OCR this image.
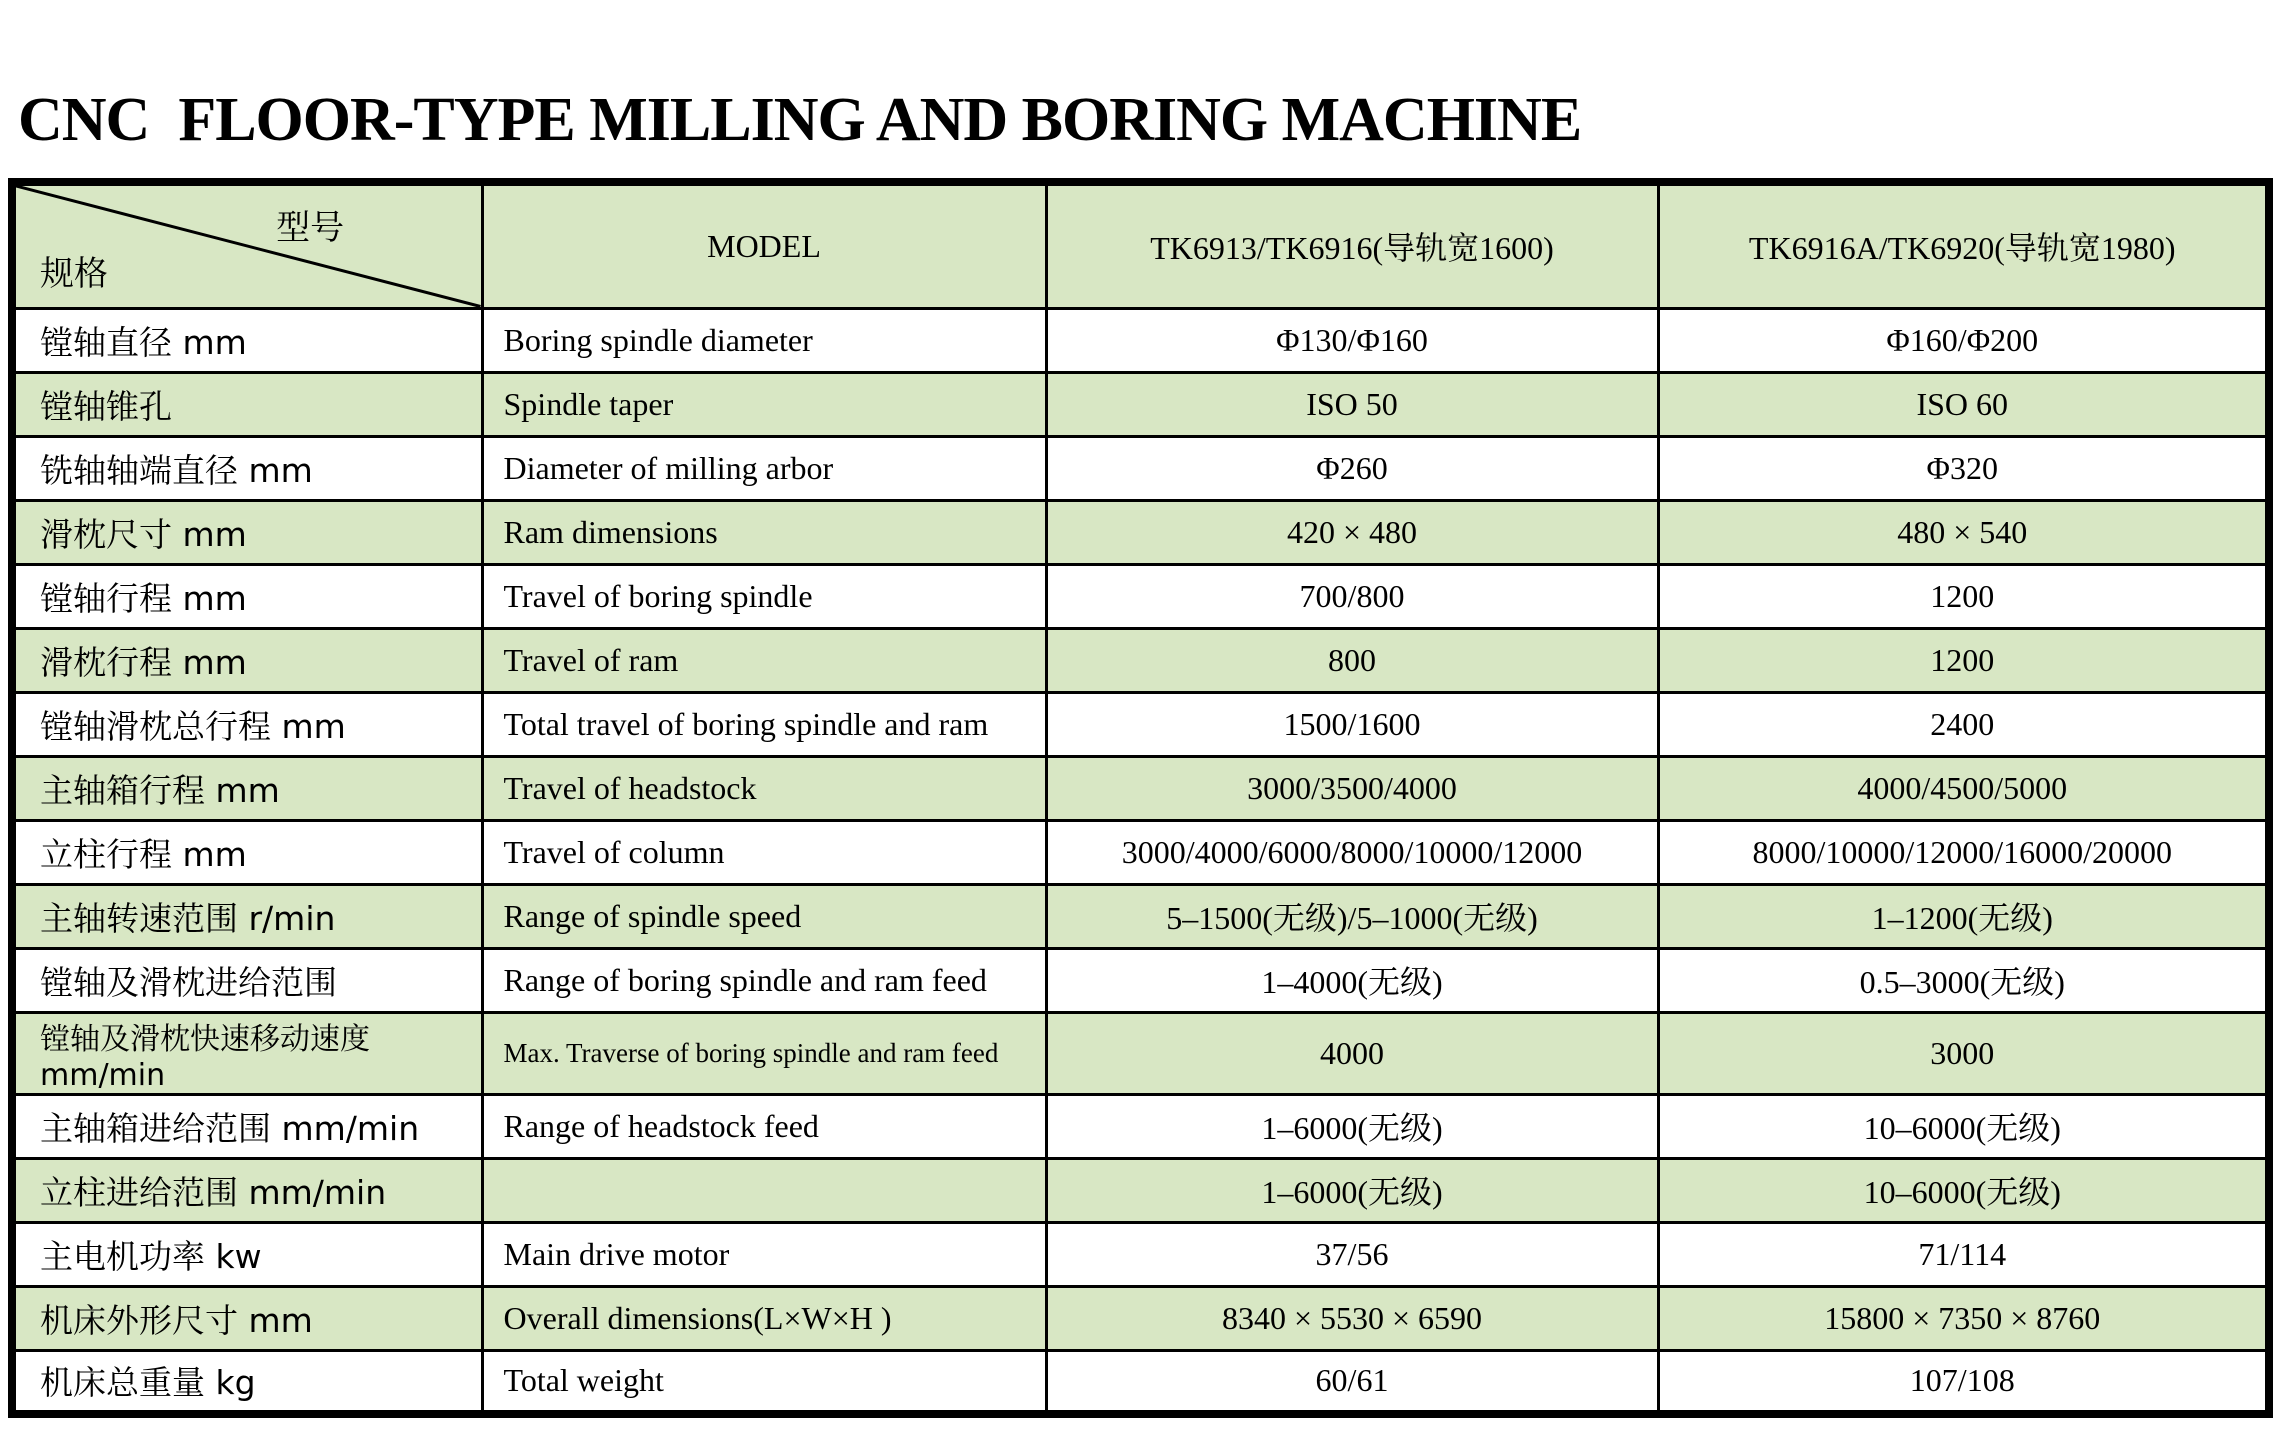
CNC  FLOOR-TYPE MILLING AND BORING MACHINE
型号
规格	MODEL	TK6913/TK6916(导轨宽1600)	TK6916A/TK6920(导轨宽1980)
镗轴直径 mm	Boring spindle diameter	Φ130/Φ160	Φ160/Φ200
镗轴锥孔	Spindle taper	ISO 50	ISO 60
铣轴轴端直径 mm	Diameter of milling arbor	Φ260	Φ320
滑枕尺寸 mm	Ram dimensions	420 × 480	480 × 540
镗轴行程 mm	Travel of boring spindle	700/800	1200
滑枕行程 mm	Travel of ram	800	1200
镗轴滑枕总行程 mm	Total travel of boring spindle and ram	1500/1600	2400
主轴箱行程 mm	Travel of headstock	3000/3500/4000	4000/4500/5000
立柱行程 mm	Travel of column	3000/4000/6000/8000/10000/12000	8000/10000/12000/16000/20000
主轴转速范围 r/min	Range of spindle speed	5–1500(无级)/5–1000(无级)	1–1200(无级)
镗轴及滑枕进给范围	Range of boring spindle and ram feed	1–4000(无级)	0.5–3000(无级)
镗轴及滑枕快速移动速度 mm/min	Max. Traverse of boring spindle and ram feed	4000	3000
主轴箱进给范围 mm/min	Range of headstock feed	1–6000(无级)	10–6000(无级)
立柱进给范围 mm/min		1–6000(无级)	10–6000(无级)
主电机功率 kw	Main drive motor	37/56	71/114
机床外形尺寸 mm	Overall dimensions(L×W×H )	8340 × 5530 × 6590	15800 × 7350 × 8760
机床总重量 kg	Total weight	60/61	107/108
